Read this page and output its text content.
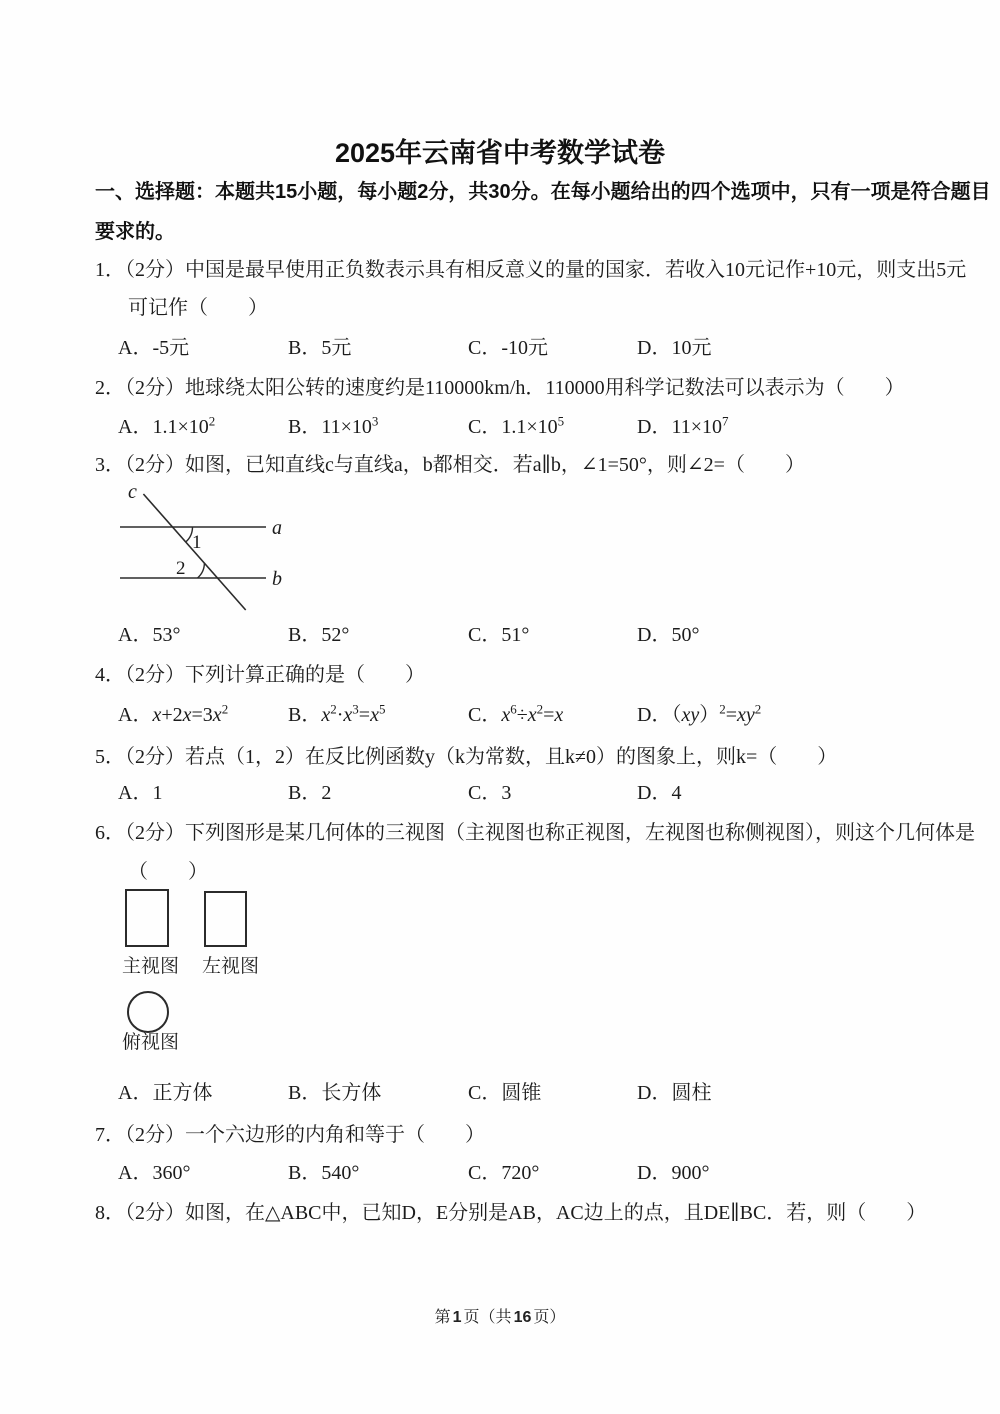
2025年云南省中考数学试卷
一、选择题：本题共15小题，每小题2分，共30分。在每小题给出的四个选项中，只有一项是符合题目
要求的。
1．（2分）中国是最早使用正负数表示具有相反意义的量的国家．若收入10元记作+10元，则支出5元
可记作（　　）
A．-5元	B．5元	C．-10元	D．10元
2．（2分）地球绕太阳公转的速度约是110000km/h．110000用科学记数法可以表示为（　　）
A．$1.1\times 10^2$	B．$11\times 10^3$	C．$1.1\times 10^5$	D．$11\times 10^7$
3．（2分）如图，已知直线c与直线a，b都相交．若a∥b，∠1=50°，则∠2=（　　）
c
a
b
1
2
A．53°	B．52°	C．51°	D．50°
4．（2分）下列计算正确的是（　　）
A．$x+2x=3x^2$	B．$x^2\cdot x^3=x^5$	C．$x^6\div x^2=x$	D．$(xy)^2=xy^2$
5．（2分）若点（1，2）在反比例函数y（k为常数，且k≠0）的图象上，则k=（　　）
A．1	B．2	C．3	D．4
6．（2分）下列图形是某几何体的三视图（主视图也称正视图，左视图也称侧视图），则这个几何体是
（　　）
主视图 左视图
俯视图
A．正方体	B．长方体	C．圆锥	D．圆柱
7．（2分）一个六边形的内角和等于（　　）
A．360°	B．540°	C．720°	D．900°
8．（2分）如图，在△ABC中，已知D，E分别是AB，AC边上的点，且DE∥BC．若，则（　　）
第 1 页（共 16 页）
